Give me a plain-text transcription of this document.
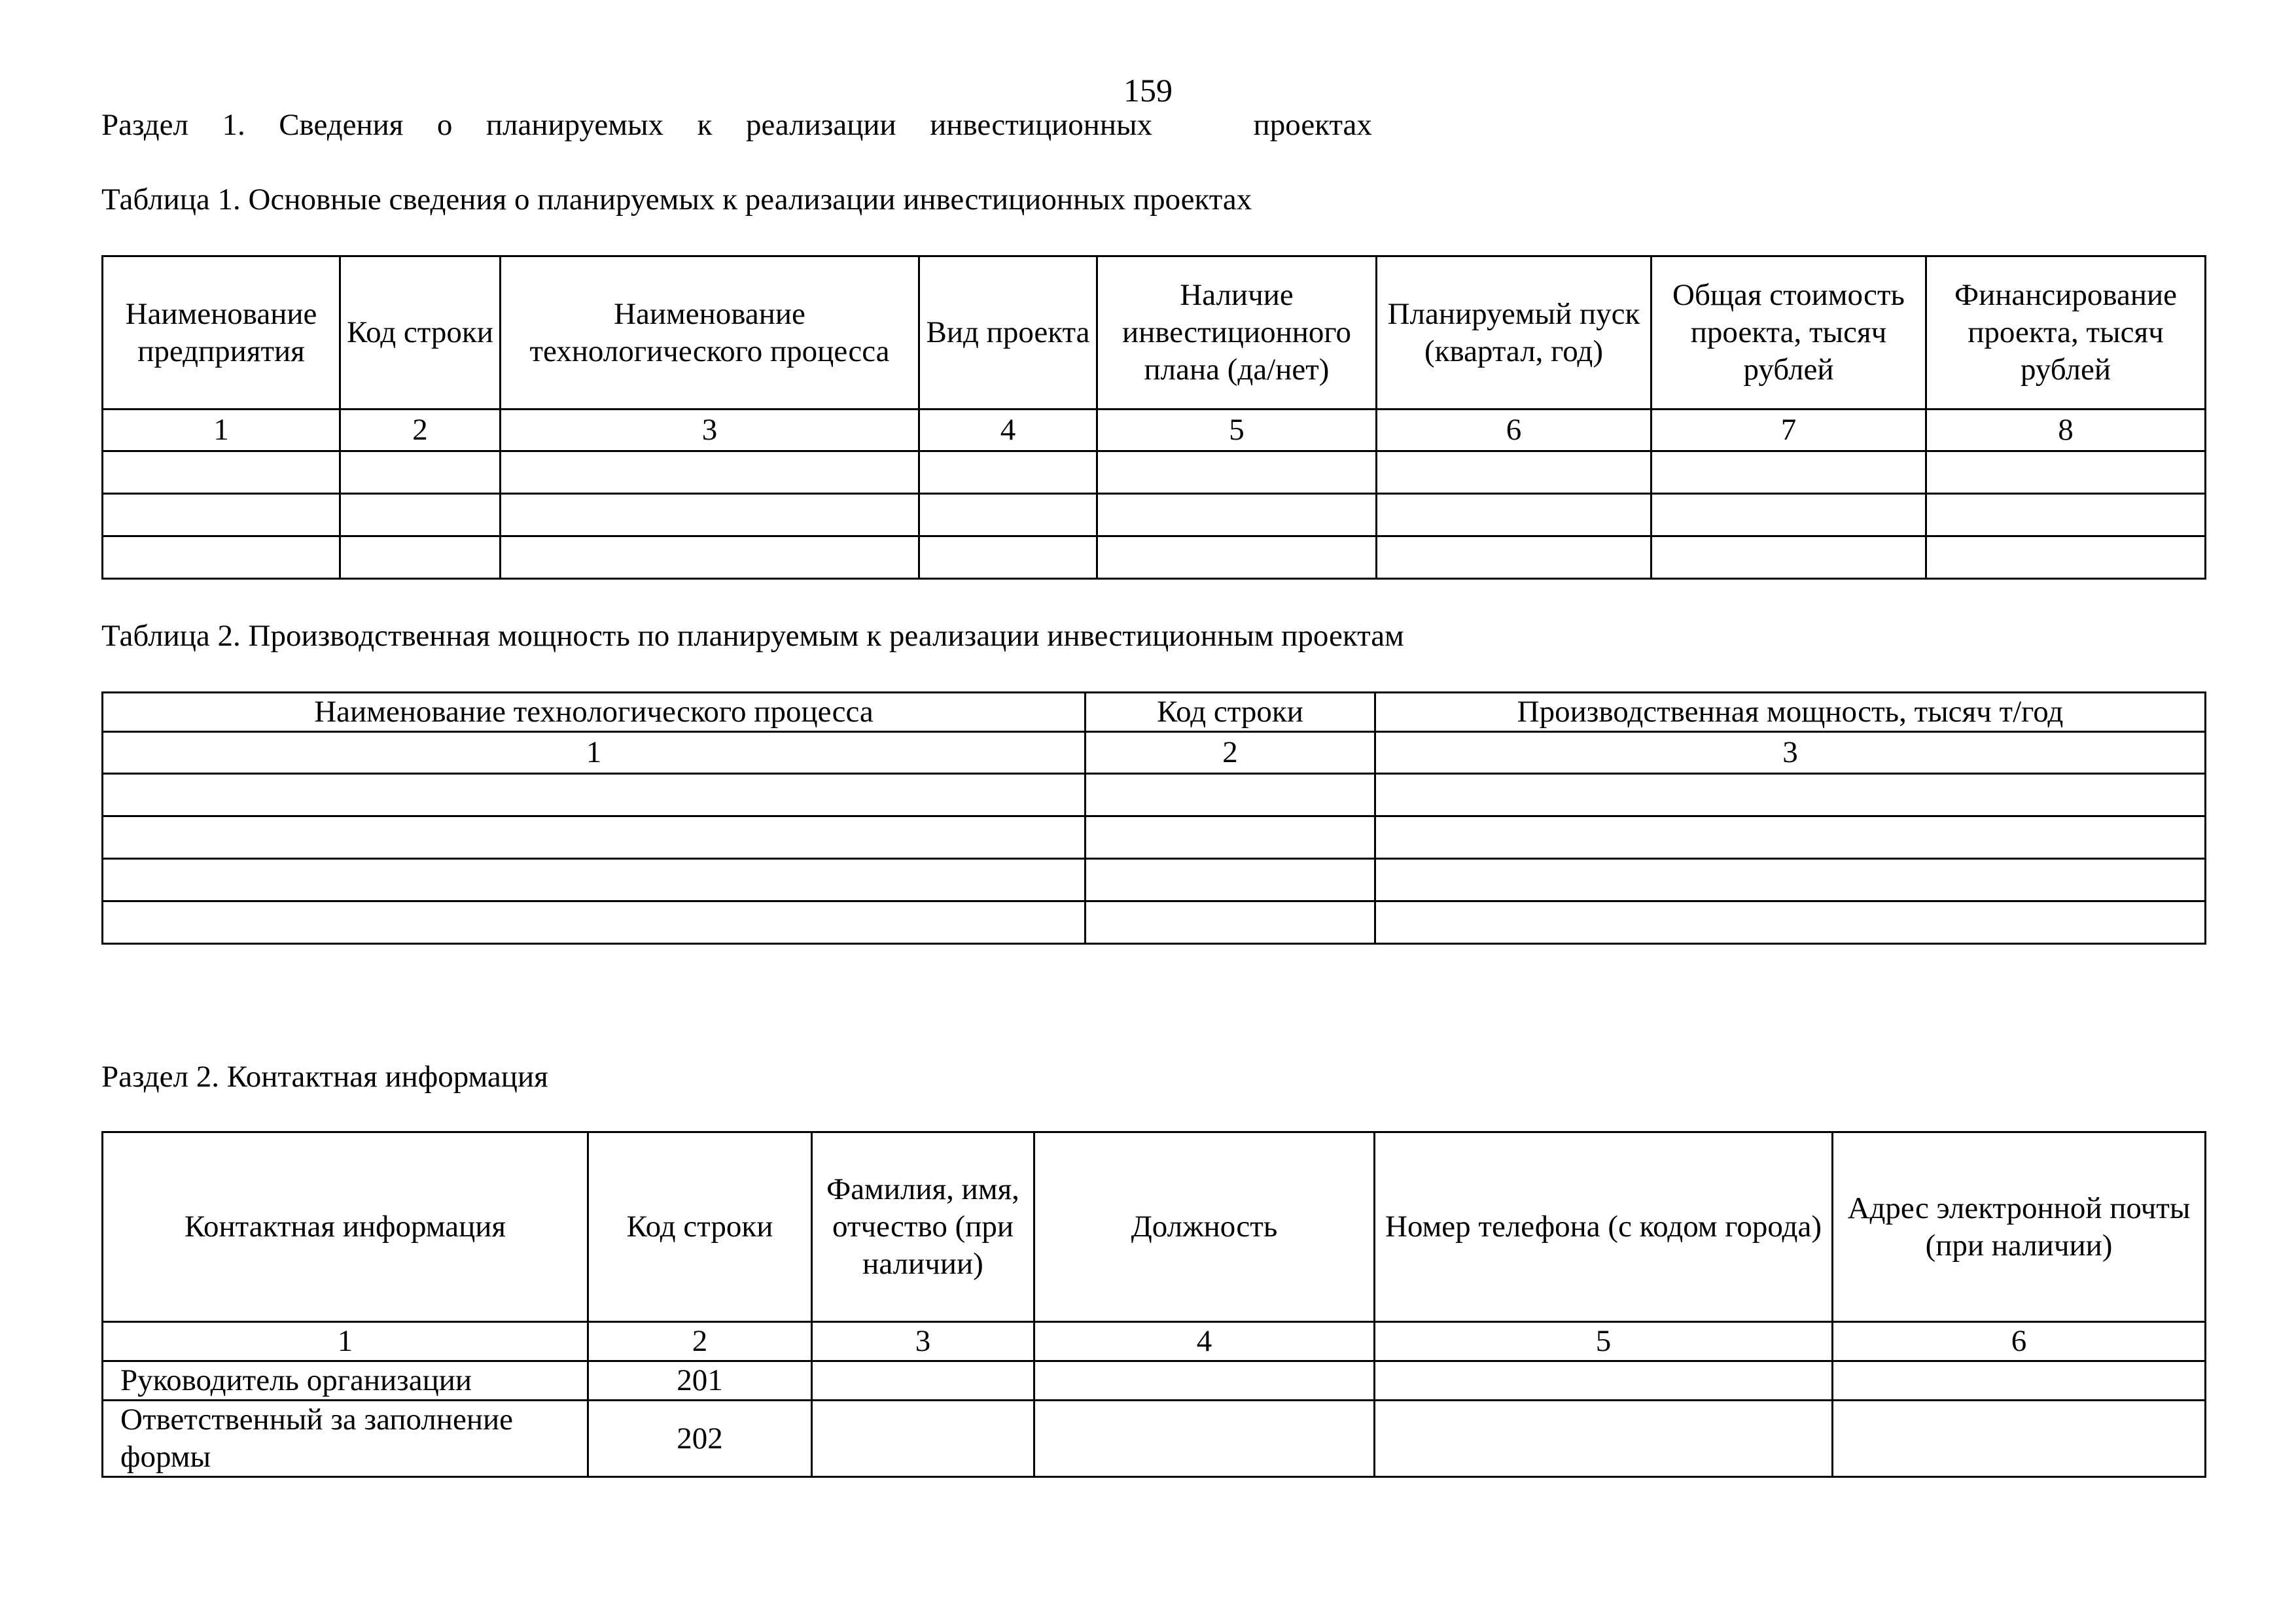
159
Раздел  1.  Сведения  о  планируемых  к  реализации  инвестиционных      проектах
Таблица 1. Основные сведения о планируемых к реализации инвестиционных проектах
Наименование предприятия	Код строки	Наименование технологического процесса	Вид проекта	Наличие инвестиционного плана (да/нет)	Планируемый пуск (квартал, год)	Общая стоимость проекта, тысяч рублей	Финансирование проекта, тысяч рублей
1	2	3	4	5	6	7	8

Таблица 2. Производственная мощность по планируемым к реализации инвестиционным проектам
Наименование технологического процесса	Код строки	Производственная мощность, тысяч т/год
1	2	3

Раздел 2. Контактная информация
Контактная информация	Код строки	Фамилия, имя, отчество (при наличии)	Должность	Номер телефона (с кодом города)	Адрес электронной почты (при наличии)
1	2	3	4	5	6
Руководитель организации	201				
Ответственный за заполнение формы	202				
